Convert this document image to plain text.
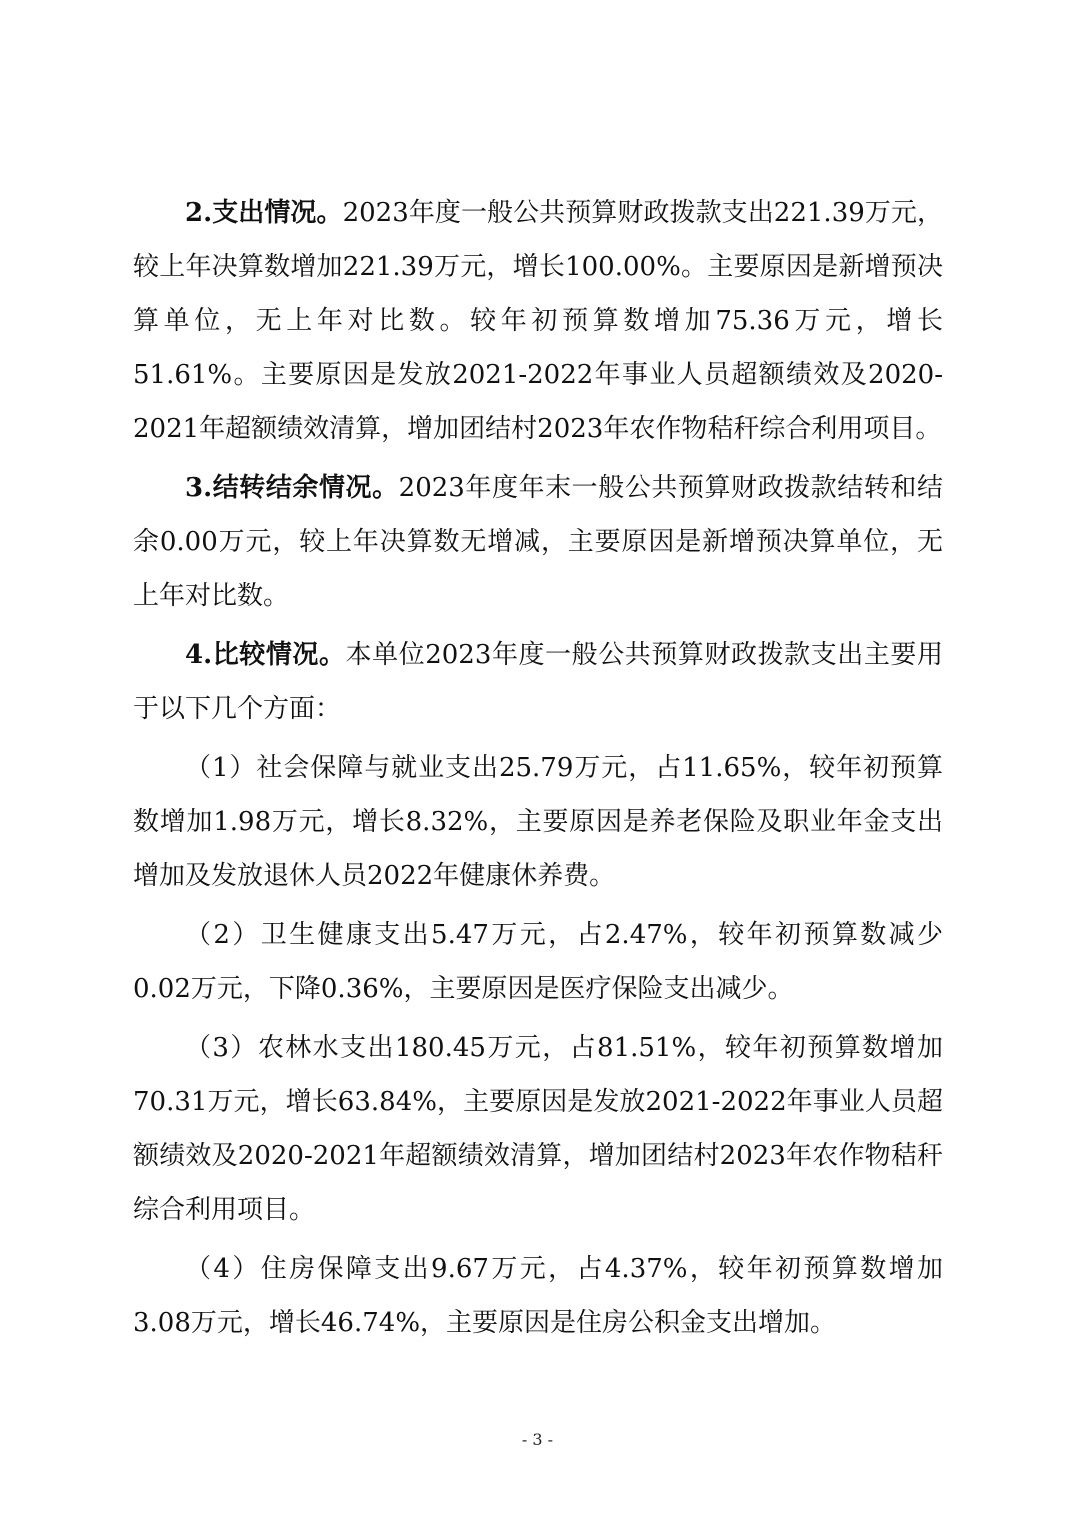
2.支出情况。2023年度一般公共预算财政拨款支出221.39万元，较上年决算数增加221.39万元，增长100.00%。主要原因是新增预决算单位，无上年对比数。较年初预算数增加75.36万元，增长51.61%。主要原因是发放2021-2022年事业人员超额绩效及2020-2021年超额绩效清算，增加团结村2023年农作物秸秆综合利用项目。

3.结转结余情况。2023年度年末一般公共预算财政拨款结转和结余0.00万元，较上年决算数无增减，主要原因是新增预决算单位，无上年对比数。

4.比较情况。本单位2023年度一般公共预算财政拨款支出主要用于以下几个方面：

（1）社会保障与就业支出25.79万元，占11.65%，较年初预算数增加1.98万元，增长8.32%，主要原因是养老保险及职业年金支出增加及发放退休人员2022年健康休养费。

（2）卫生健康支出5.47万元，占2.47%，较年初预算数减少0.02万元，下降0.36%，主要原因是医疗保险支出减少。

（3）农林水支出180.45万元，占81.51%，较年初预算数增加70.31万元，增长63.84%，主要原因是发放2021-2022年事业人员超额绩效及2020-2021年超额绩效清算，增加团结村2023年农作物秸秆综合利用项目。

（4）住房保障支出9.67万元，占4.37%，较年初预算数增加3.08万元，增长46.74%，主要原因是住房公积金支出增加。

- 3 -
